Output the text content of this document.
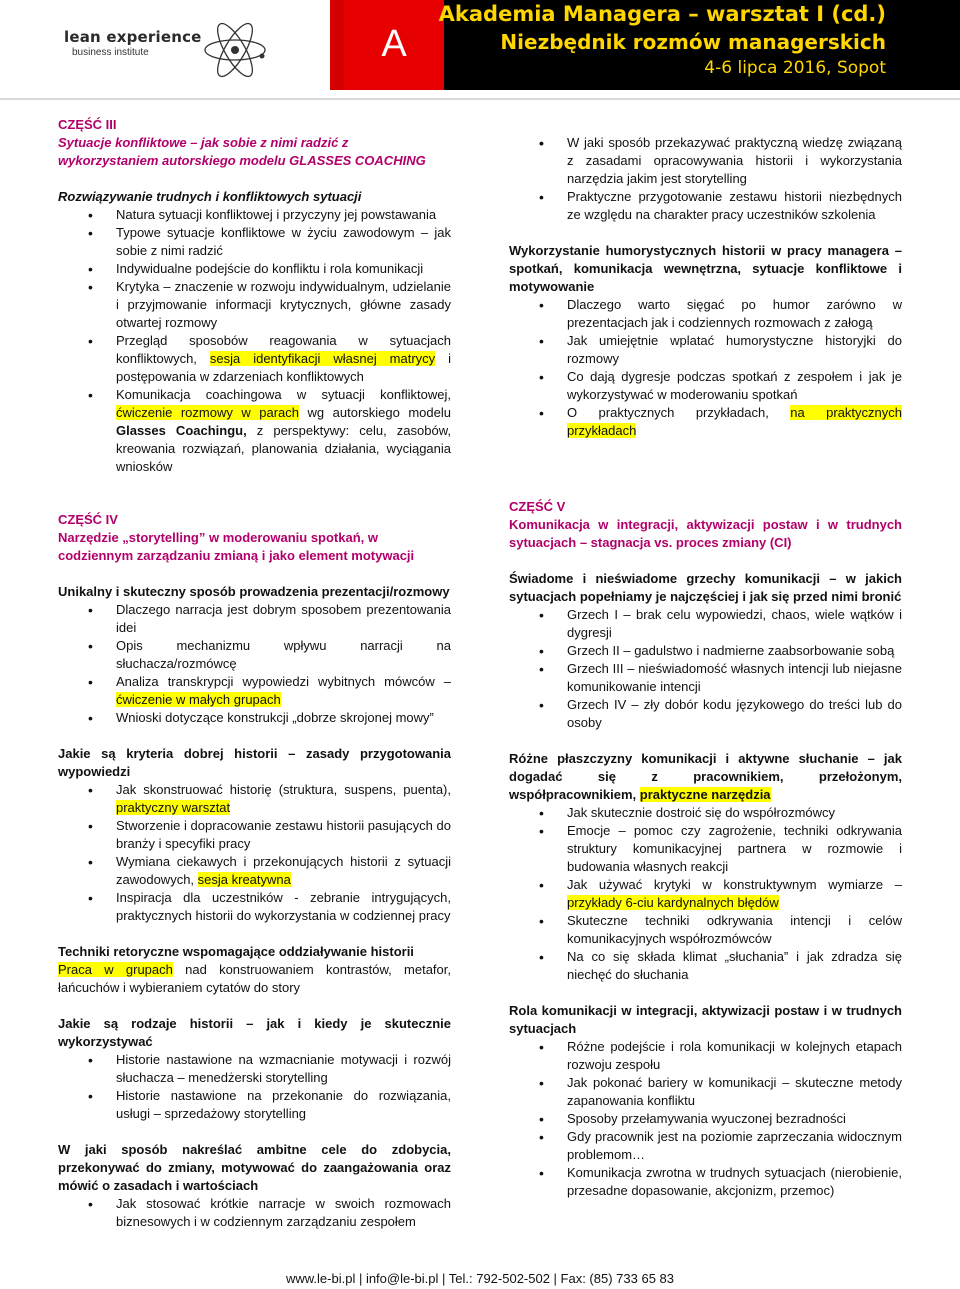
lean experience
business institute	A
Akademia Managera – warsztat I (cd.)
Niezbędnik rozmów managerskich
4-6 lipca 2016, Sopot

CZĘŚĆ III

Sytuacje konfliktowe – jak sobie z nimi radzić z wykorzystaniem autorskiego modelu GLASSES COACHING

Rozwiązywanie trudnych i konfliktowych sytuacji

• Natura sytuacji konfliktowej i przyczyny jej powstawania
• Typowe sytuacje konfliktowe w życiu zawodowym – jak sobie z nimi radzić
• Indywidualne podejście do konfliktu i rola komunikacji
• Krytyka – znaczenie w rozwoju indywidualnym, udzielanie i przyjmowanie informacji krytycznych, główne zasady otwartej rozmowy
• Przegląd sposobów reagowania w sytuacjach konfliktowych, sesja identyfikacji własnej matrycy i postępowania w zdarzeniach konfliktowych
• Komunikacja coachingowa w sytuacji konfliktowej, ćwiczenie rozmowy w parach wg autorskiego modelu Glasses Coachingu, z perspektywy: celu, zasobów, kreowania rozwiązań, planowania działania, wyciągania wniosków

CZĘŚĆ IV

Narzędzie „storytelling” w moderowaniu spotkań, w codziennym zarządzaniu zmianą i jako element motywacji

Unikalny i skuteczny sposób prowadzenia prezentacji/rozmowy

• Dlaczego narracja jest dobrym sposobem prezentowania idei
• Opis mechanizmu wpływu narracji na słuchacza/rozmówcę
• Analiza transkrypcji wypowiedzi wybitnych mówców – ćwiczenie w małych grupach
• Wnioski dotyczące konstrukcji „dobrze skrojonej mowy”

Jakie są kryteria dobrej historii – zasady przygotowania wypowiedzi

• Jak skonstruować historię (struktura, suspens, puenta), praktyczny warsztat
• Stworzenie i dopracowanie zestawu historii pasujących do branży i specyfiki pracy
• Wymiana ciekawych i przekonujących historii z sytuacji zawodowych, sesja kreatywna
• Inspiracja dla uczestników - zebranie intrygujących, praktycznych historii do wykorzystania w codziennej pracy

Techniki retoryczne wspomagające oddziaływanie historii

Praca w grupach nad konstruowaniem kontrastów, metafor, łańcuchów i wybieraniem cytatów do story

Jakie są rodzaje historii – jak i kiedy je skutecznie wykorzystywać

• Historie nastawione na wzmacnianie motywacji i rozwój słuchacza – menedżerski storytelling
• Historie nastawione na przekonanie do rozwiązania, usługi – sprzedażowy storytelling

W jaki sposób nakreślać ambitne cele do zdobycia, przekonywać do zmiany, motywować do zaangażowania oraz mówić o zasadach i wartościach

• Jak stosować krótkie narracje w swoich rozmowach biznesowych i w codziennym zarządzaniu zespołem
• W jaki sposób przekazywać praktyczną wiedzę związaną z zasadami opracowywania historii i wykorzystania narzędzia jakim jest storytelling
• Praktyczne przygotowanie zestawu historii niezbędnych ze względu na charakter pracy uczestników szkolenia

Wykorzystanie humorystycznych historii w pracy managera – spotkań, komunikacja wewnętrzna, sytuacje konfliktowe i motywowanie

• Dlaczego warto sięgać po humor zarówno w prezentacjach jak i codziennych rozmowach z załogą
• Jak umiejętnie wplatać humorystyczne historyjki do rozmowy
• Co dają dygresje podczas spotkań z zespołem i jak je wykorzystywać w moderowaniu spotkań
• O praktycznych przykładach, na praktycznych przykładach

CZĘŚĆ V

Komunikacja w integracji, aktywizacji postaw i w trudnych sytuacjach – stagnacja vs. proces zmiany (CI)

Świadome i nieświadome grzechy komunikacji – w jakich sytuacjach popełniamy je najczęściej i jak się przed nimi bronić

• Grzech I – brak celu wypowiedzi, chaos, wiele wątków i dygresji
• Grzech II – gadulstwo i nadmierne zaabsorbowanie sobą
• Grzech III – nieświadomość własnych intencji lub niejasne komunikowanie intencji
• Grzech IV – zły dobór kodu językowego do treści lub do osoby

Różne płaszczyzny komunikacji i aktywne słuchanie – jak dogadać się z pracownikiem, przełożonym, współpracownikiem, praktyczne narzędzia

• Jak skutecznie dostroić się do współrozmówcy
• Emocje – pomoc czy zagrożenie, techniki odkrywania struktury komunikacyjnej partnera w rozmowie i budowania własnych reakcji
• Jak używać krytyki w konstruktywnym wymiarze – przykłady 6-ciu kardynalnych błędów
• Skuteczne techniki odkrywania intencji i celów komunikacyjnych współrozmówców
• Na co się składa klimat „słuchania” i jak zdradza się niechęć do słuchania

Rola komunikacji w integracji, aktywizacji postaw i w trudnych sytuacjach

• Różne podejście i rola komunikacji w kolejnych etapach rozwoju zespołu
• Jak pokonać bariery w komunikacji – skuteczne metody zapanowania konfliktu
• Sposoby przełamywania wyuczonej bezradności
• Gdy pracownik jest na poziomie zaprzeczania widocznym problemom…
• Komunikacja zwrotna w trudnych sytuacjach (nierobienie, przesadne dopasowanie, akcjonizm, przemoc)
www.le-bi.pl | info@le-bi.pl | Tel.: 792-502-502 | Fax: (85) 733 65 83
